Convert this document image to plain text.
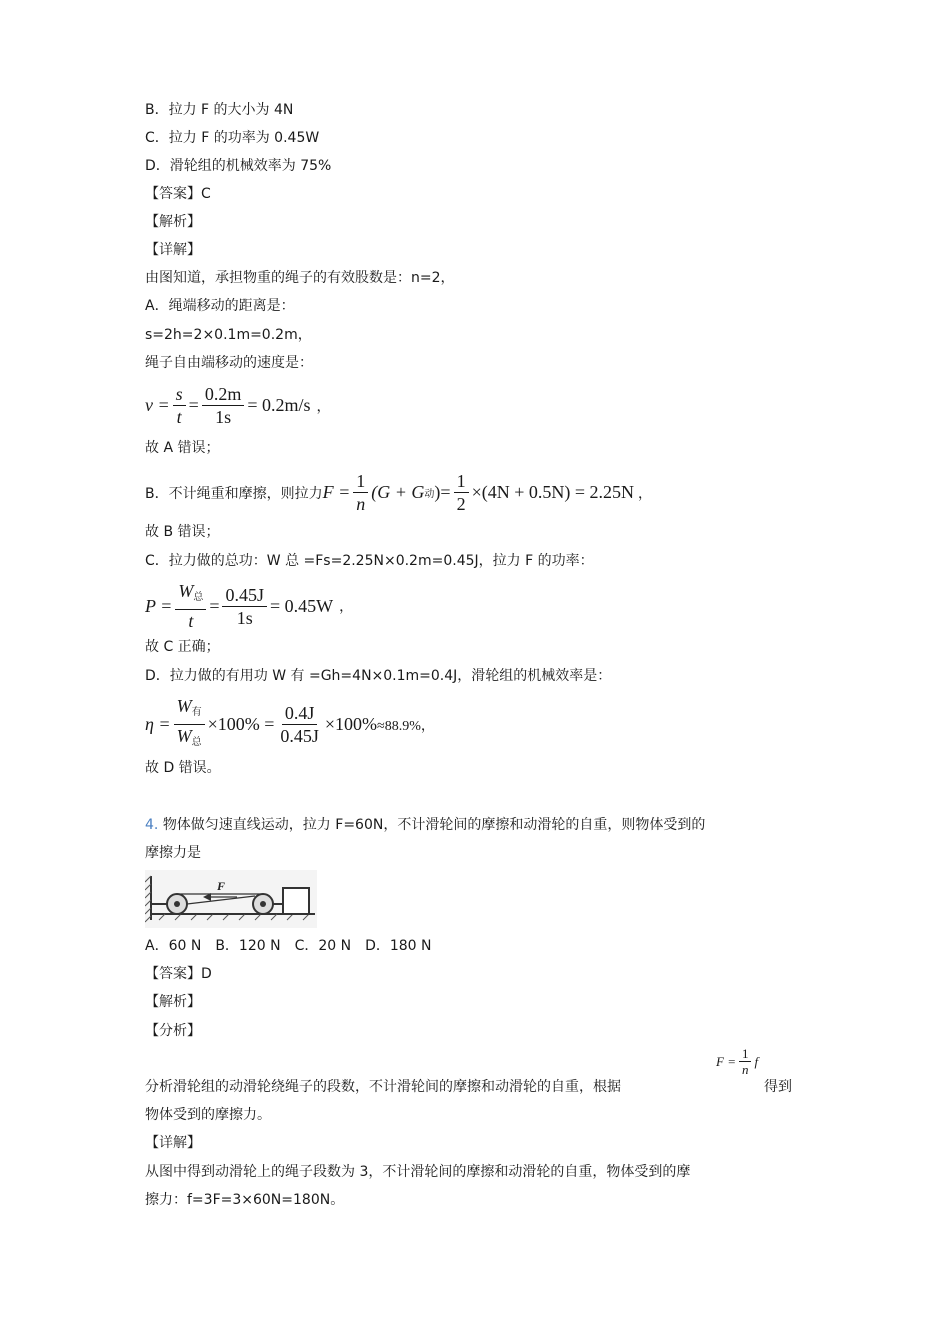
B．拉力 F 的大小为 4N
C．拉力 F 的功率为 0.45W
D．滑轮组的机械效率为 75%
【答案】C
【解析】
【详解】
由图知道，承担物重的绳子的有效股数是：n=2，
A．绳端移动的距离是：
s=2h=2×0.1m=0.2m，
绳子自由端移动的速度是：
$v = \frac{s}{t} = \frac{0.2m}{1s} = 0.2m/s$ ，
故 A 错误；
B．不计绳重和摩擦，则拉力 $F = \frac{1}{n} (G + G$ 动 )= $\frac{1}{2} \times(4N + 0.5N) = 2.25N$ ，
故 B 错误；
C．拉力做的总功：W 总 =Fs=2.25N×0.2m=0.45J，拉力 F 的功率：
$P = \frac{W_总}{t} = \frac{0.45J}{1s} = 0.45W$ ，
故 C 正确；
D．拉力做的有用功 W 有 =Gh=4N×0.1m=0.4J，滑轮组的机械效率是：
$\eta = \frac{W_有}{W_总} \times 100\% = \frac{0.4J}{0.45J} \times 100\% \approx 88.9\%$，
故 D 错误。
4. 物体做匀速直线运动，拉力 F=60N，不计滑轮间的摩擦和动滑轮的自重，则物体受到的
摩擦力是
F
A．60 N　B．120 N　C．20 N　D．180 N
【答案】D
【解析】
【分析】
分析滑轮组的动滑轮绕绳子的段数，不计滑轮间的摩擦和动滑轮的自重，根据
$F = \frac{1}{n}$ f
得到
物体受到的摩擦力。
【详解】
从图中得到动滑轮上的绳子段数为 3，不计滑轮间的摩擦和动滑轮的自重，物体受到的摩
擦力：f=3F=3×60N=180N。
